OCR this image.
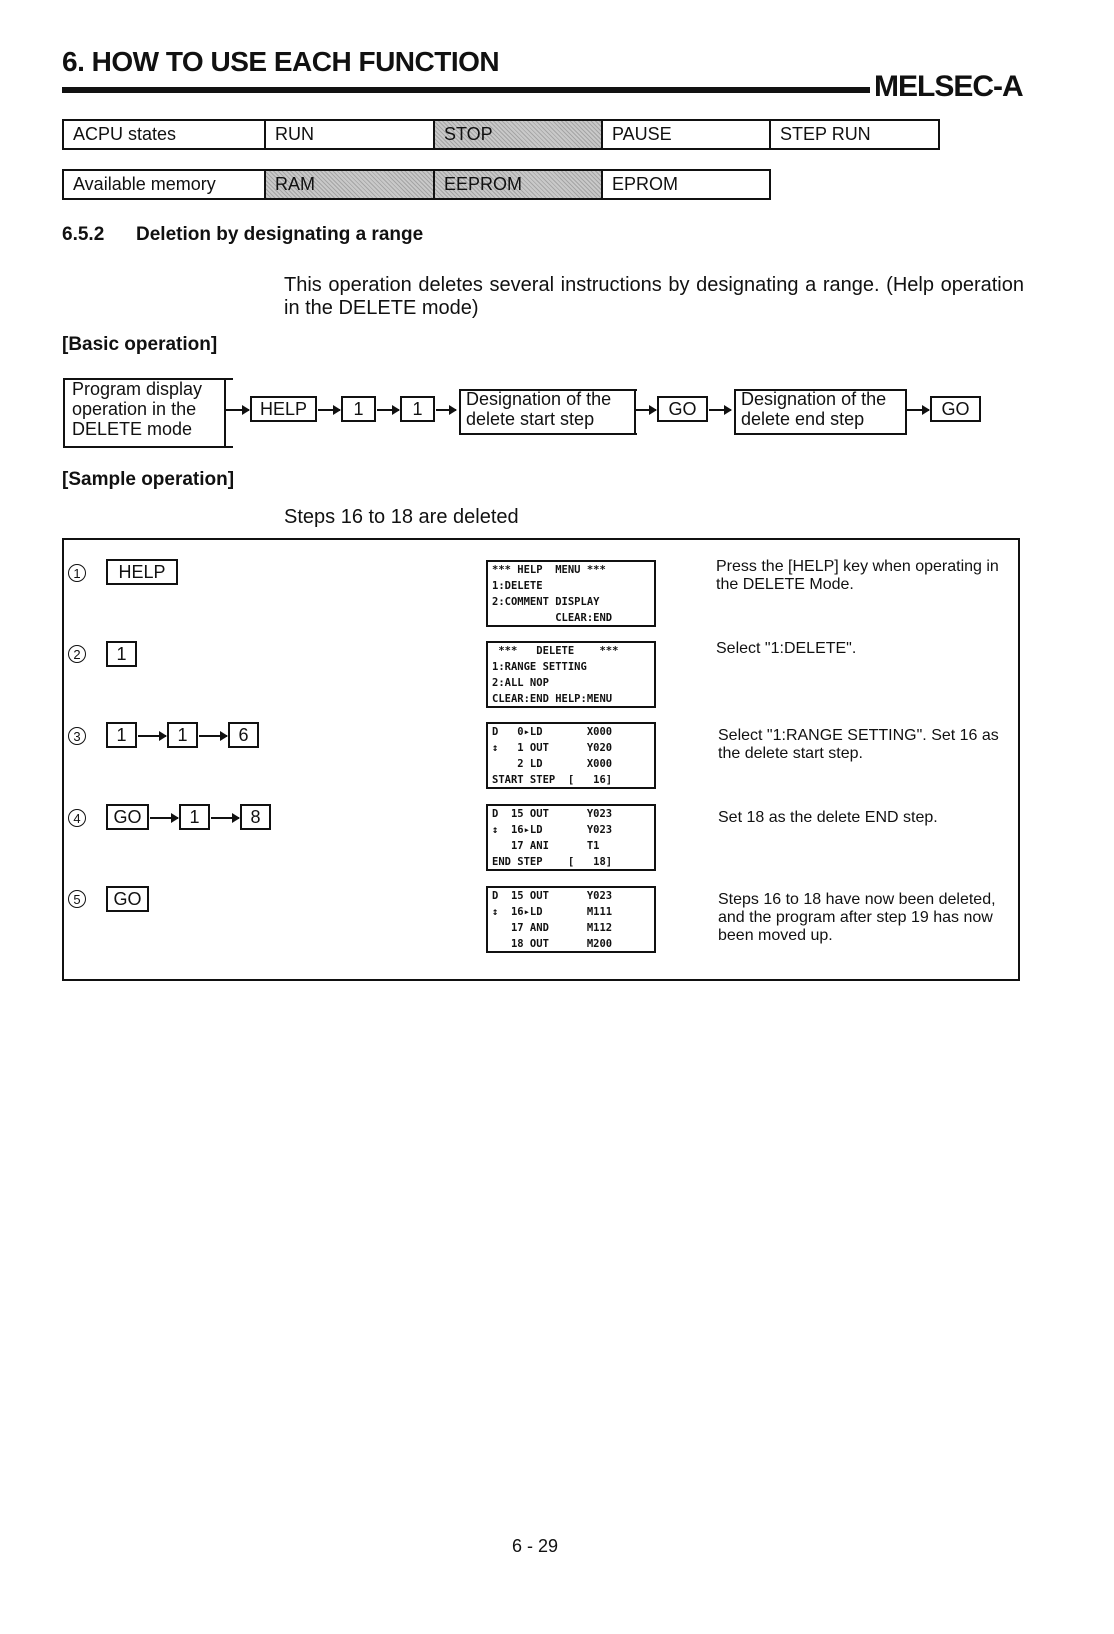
6. HOW TO USE EACH FUNCTION
MELSEC-A
ACPU states	RUN	STOP	PAUSE	STEP RUN
Available memory	RAM	EEPROM	EPROM
6.5.2 Deletion by designating a range
This operation deletes several instructions by designating a range. (Help operation in the DELETE mode)
[Basic operation]
Program display
operation in the
DELETE mode
HELP	1	1	Designation of the
delete start step
GO	Designation of the
delete end step
GO
[Sample operation]
Steps 16 to 18 are deleted
1	HELP	*** HELP  MENU ***
1:DELETE
2:COMMENT DISPLAY
CLEAR:END
Press the [HELP] key when operating in the DELETE Mode.
2	1	***   DELETE    ***
1:RANGE SETTING
2:ALL NOP
CLEAR:END HELP:MENU
Select "1:DELETE".
3	1	1	6	D   0▸LD       X000
↕   1 OUT      Y020
2 LD       X000
START STEP  [   16]
Select "1:RANGE SETTING". Set 16 as the delete start step.
4	GO	1	8	D  15 OUT      Y023
↕  16▸LD       Y023
17 ANI      T1
END STEP    [   18]
Set 18 as the delete END step.
5	GO	D  15 OUT      Y023
↕  16▸LD       M111
17 AND      M112
18 OUT      M200
Steps 16 to 18 have now been deleted, and the program after step 19 has now been moved up.
6 - 29
